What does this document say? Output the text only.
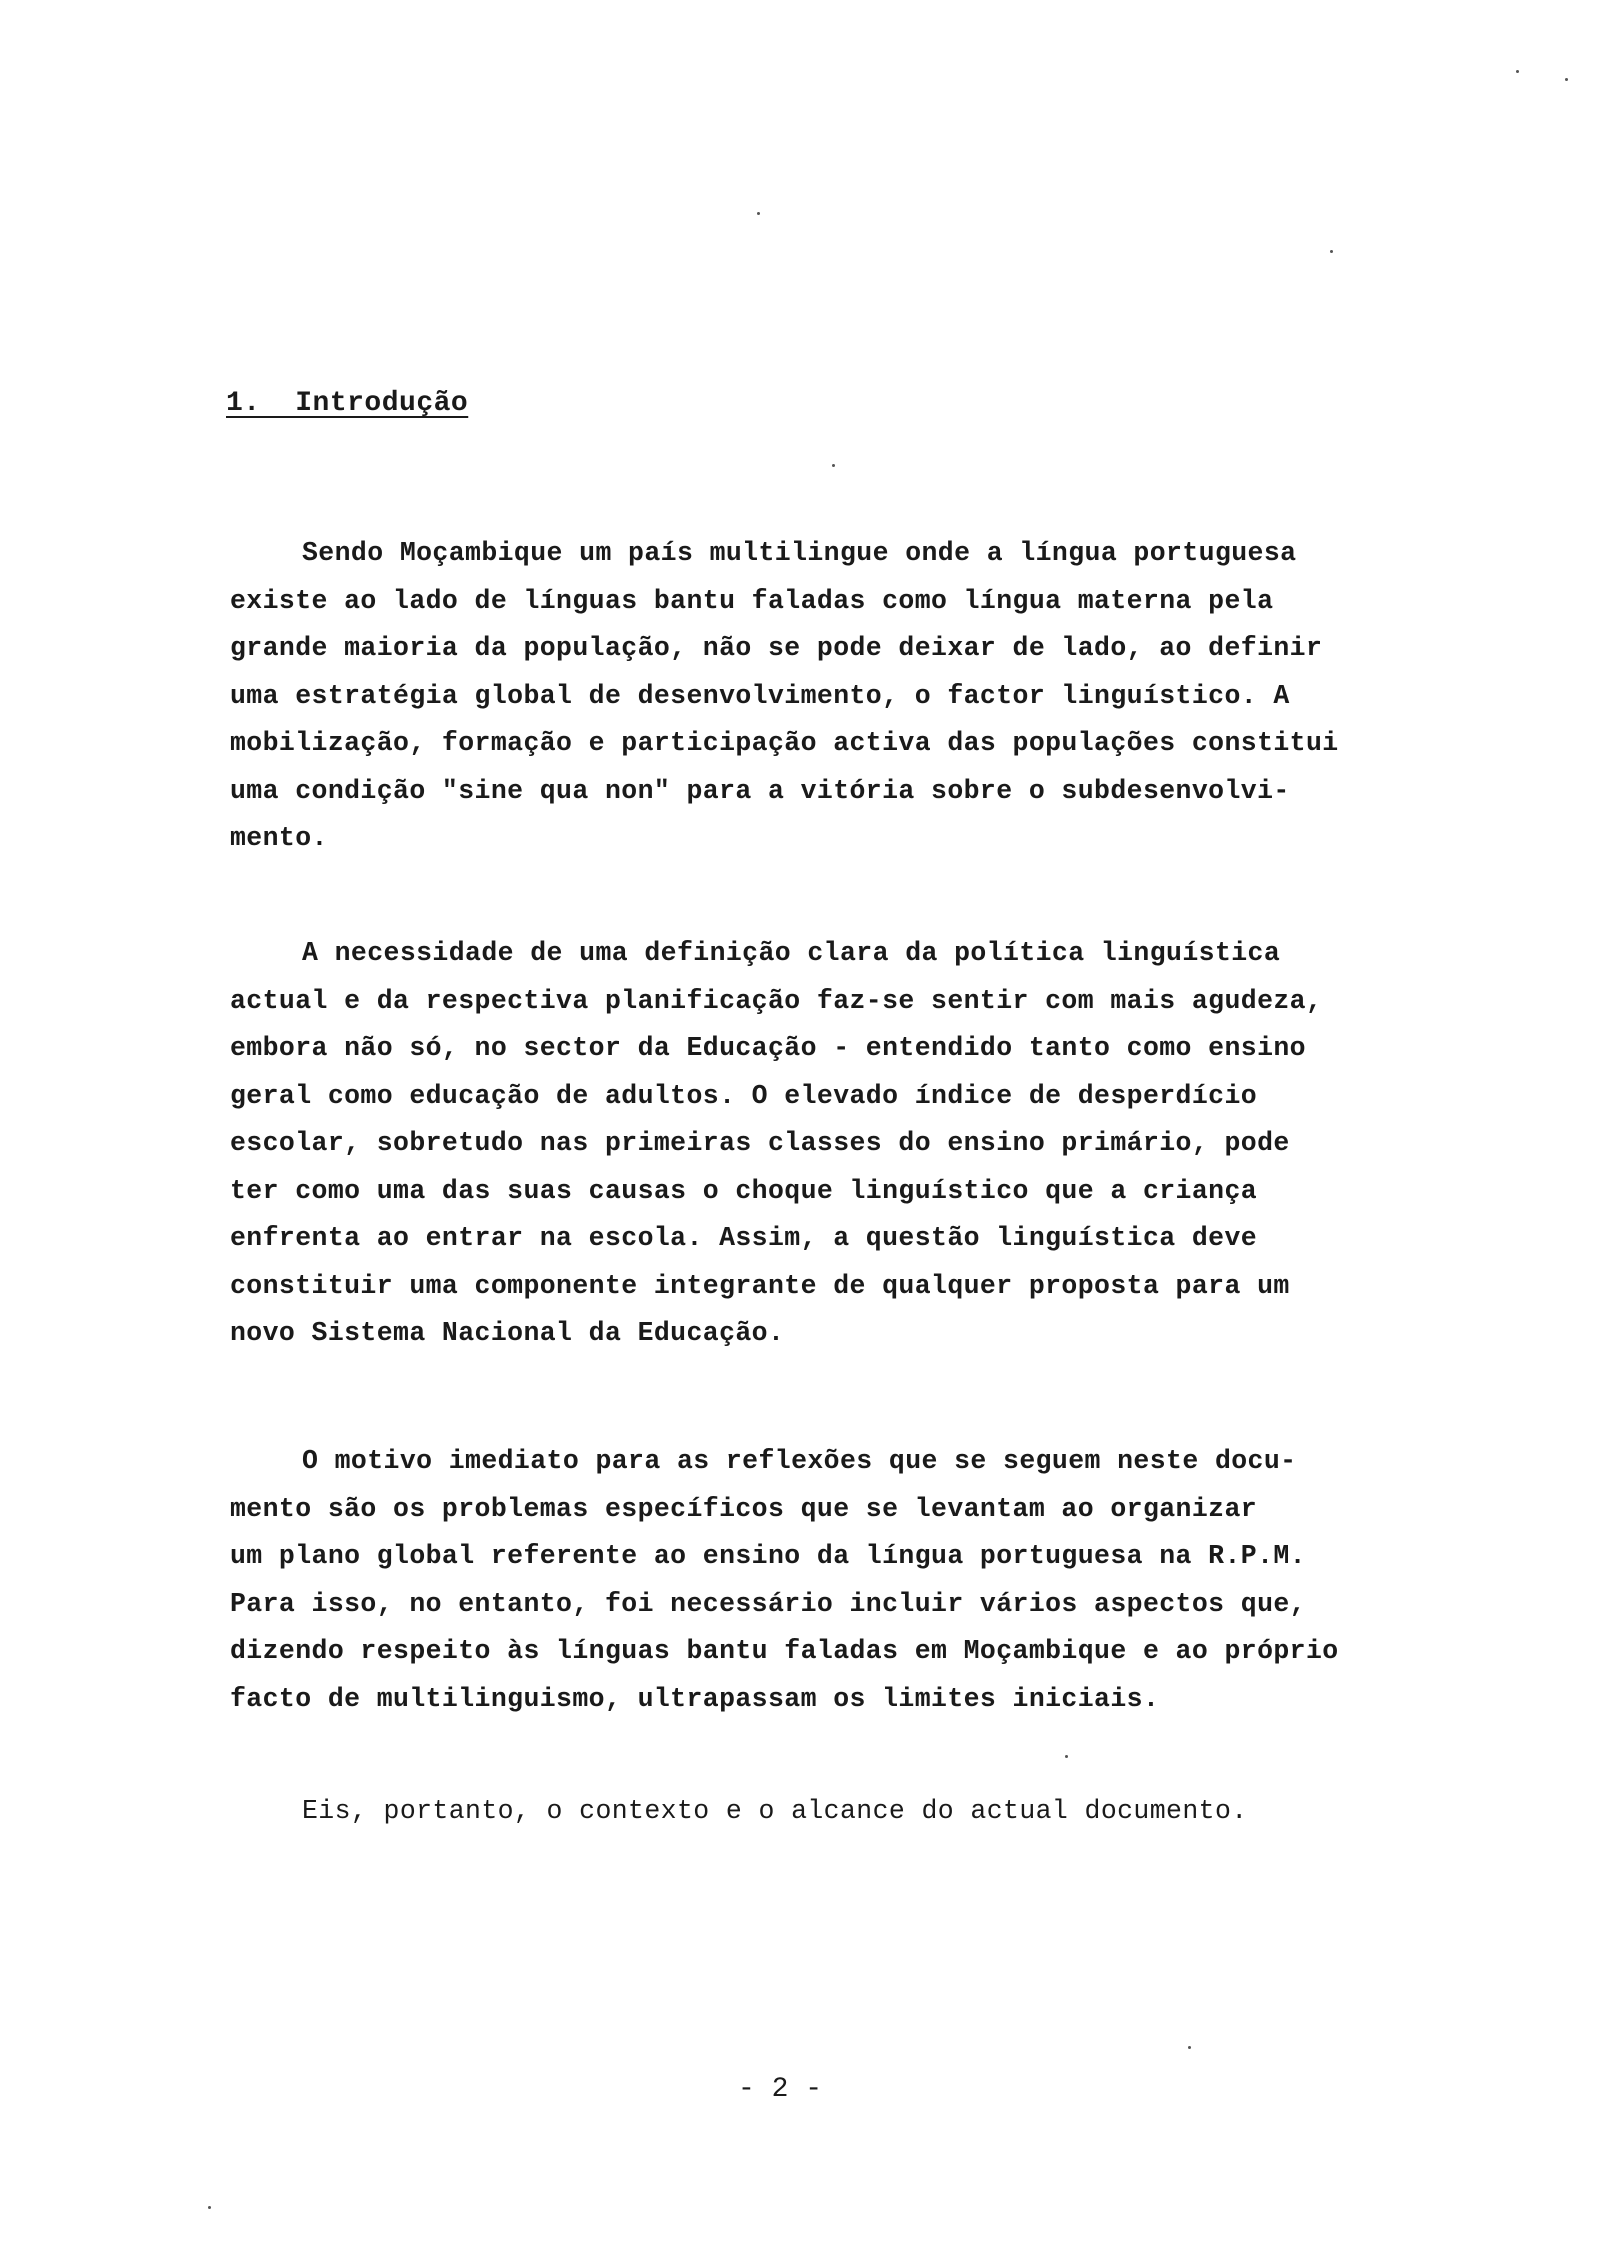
1.  Introdução
Sendo Moçambique um país multilingue onde a língua portuguesa
existe ao lado de línguas bantu faladas como língua materna pela
grande maioria da população, não se pode deixar de lado, ao definir
uma estratégia global de desenvolvimento, o factor linguístico. A
mobilização, formação e participação activa das populações constitui
uma condição "sine qua non" para a vitória sobre o subdesenvolvi-
mento.
A necessidade de uma definição clara da política linguística
actual e da respectiva planificação faz-se sentir com mais agudeza,
embora não só, no sector da Educação - entendido tanto como ensino
geral como educação de adultos. O elevado índice de desperdício
escolar, sobretudo nas primeiras classes do ensino primário, pode
ter como uma das suas causas o choque linguístico que a criança
enfrenta ao entrar na escola. Assim, a questão linguística deve
constituir uma componente integrante de qualquer proposta para um
novo Sistema Nacional da Educação.
O motivo imediato para as reflexões que se seguem neste docu-
mento são os problemas específicos que se levantam ao organizar
um plano global referente ao ensino da língua portuguesa na R.P.M.
Para isso, no entanto, foi necessário incluir vários aspectos que,
dizendo respeito às línguas bantu faladas em Moçambique e ao próprio
facto de multilinguismo, ultrapassam os limites iniciais.
Eis, portanto, o contexto e o alcance do actual documento.
- 2 -
